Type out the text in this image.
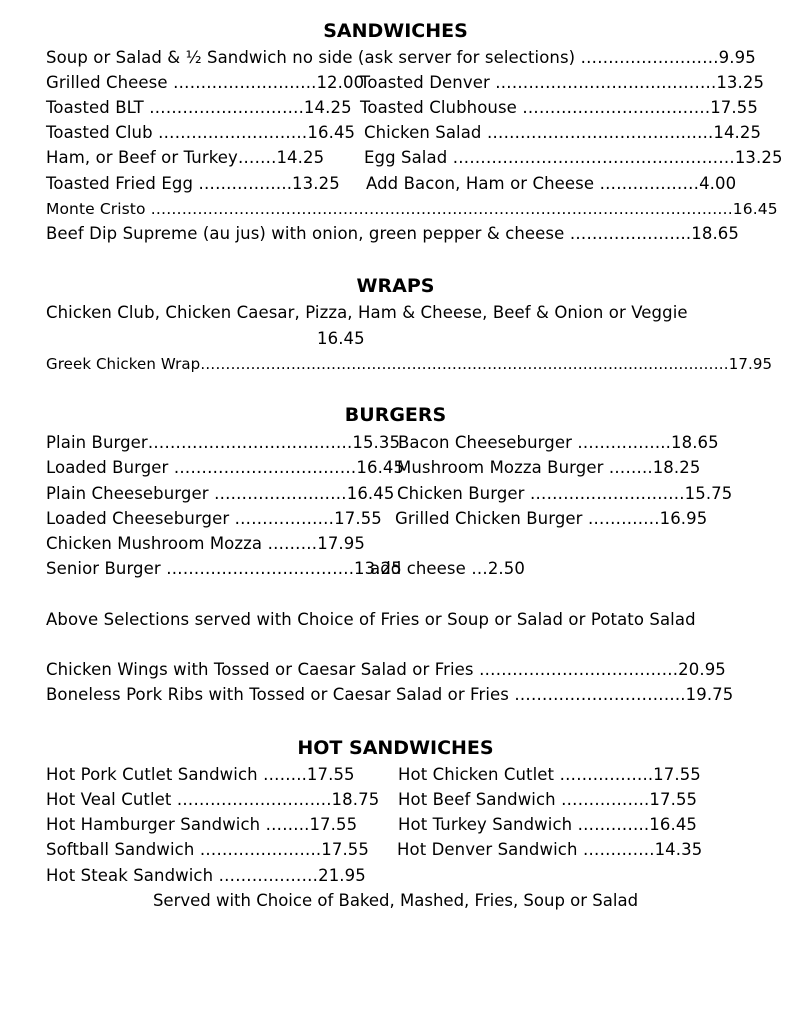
SANDWICHES
Soup or Salad & ½ Sandwich no side (ask server for selections) …….………………9.95
Grilled Cheese ……………………..12.00
Toasted Denver ………………………………….13.25
Toasted BLT ……………………….14.25 Toasted Clubhouse …………………………….17.55
Toasted Club ………………………16.45 Chicken Salad …………………………………..14.25
Ham, or Beef or Turkey…….14.25 Egg Salad ……………………………………………13.25
Toasted Fried Egg ……………..13.25 Add Bacon, Ham or Cheese ………………4.00
Monte Cristo ………………………………………………………………………………………………….16.45
Beef Dip Supreme (au jus) with onion, green pepper & cheese ………………….18.65
WRAPS
Chicken Club, Chicken Caesar, Pizza, Ham & Cheese, Beef & Onion or Veggie
16.45
Greek Chicken Wrap……………………………………………………………………………………………17.95
BURGERS
Plain Burger……………………………….15.35
Bacon Cheeseburger ……………..18.65
Loaded Burger ……………………………16.45
Mushroom Mozza Burger ……..18.25
Plain Cheeseburger ……………………16.45 Chicken Burger ……………………….15.75
Loaded Cheeseburger ………………17.55 Grilled Chicken Burger ………….16.95
Chicken Mushroom Mozza ………17.95
Senior Burger …………………………….13.25
add cheese …2.50
Above Selections served with Choice of Fries or Soup or Salad or Potato Salad
Chicken Wings with Tossed or Caesar Salad or Fries ………………………………20.95
Boneless Pork Ribs with Tossed or Caesar Salad or Fries ………………………….19.75
HOT SANDWICHES
Hot Pork Cutlet Sandwich ……..17.55	Hot Chicken Cutlet ……………..17.55
Hot Veal Cutlet ……………………….18.75 Hot Beef Sandwich …………….17.55
Hot Hamburger Sandwich ……..17.55 Hot Turkey Sandwich ………….16.45
Softball Sandwich ………………….17.55 Hot Denver Sandwich ………….14.35
Hot Steak Sandwich ………………21.95
Served with Choice of Baked, Mashed, Fries, Soup or Salad
